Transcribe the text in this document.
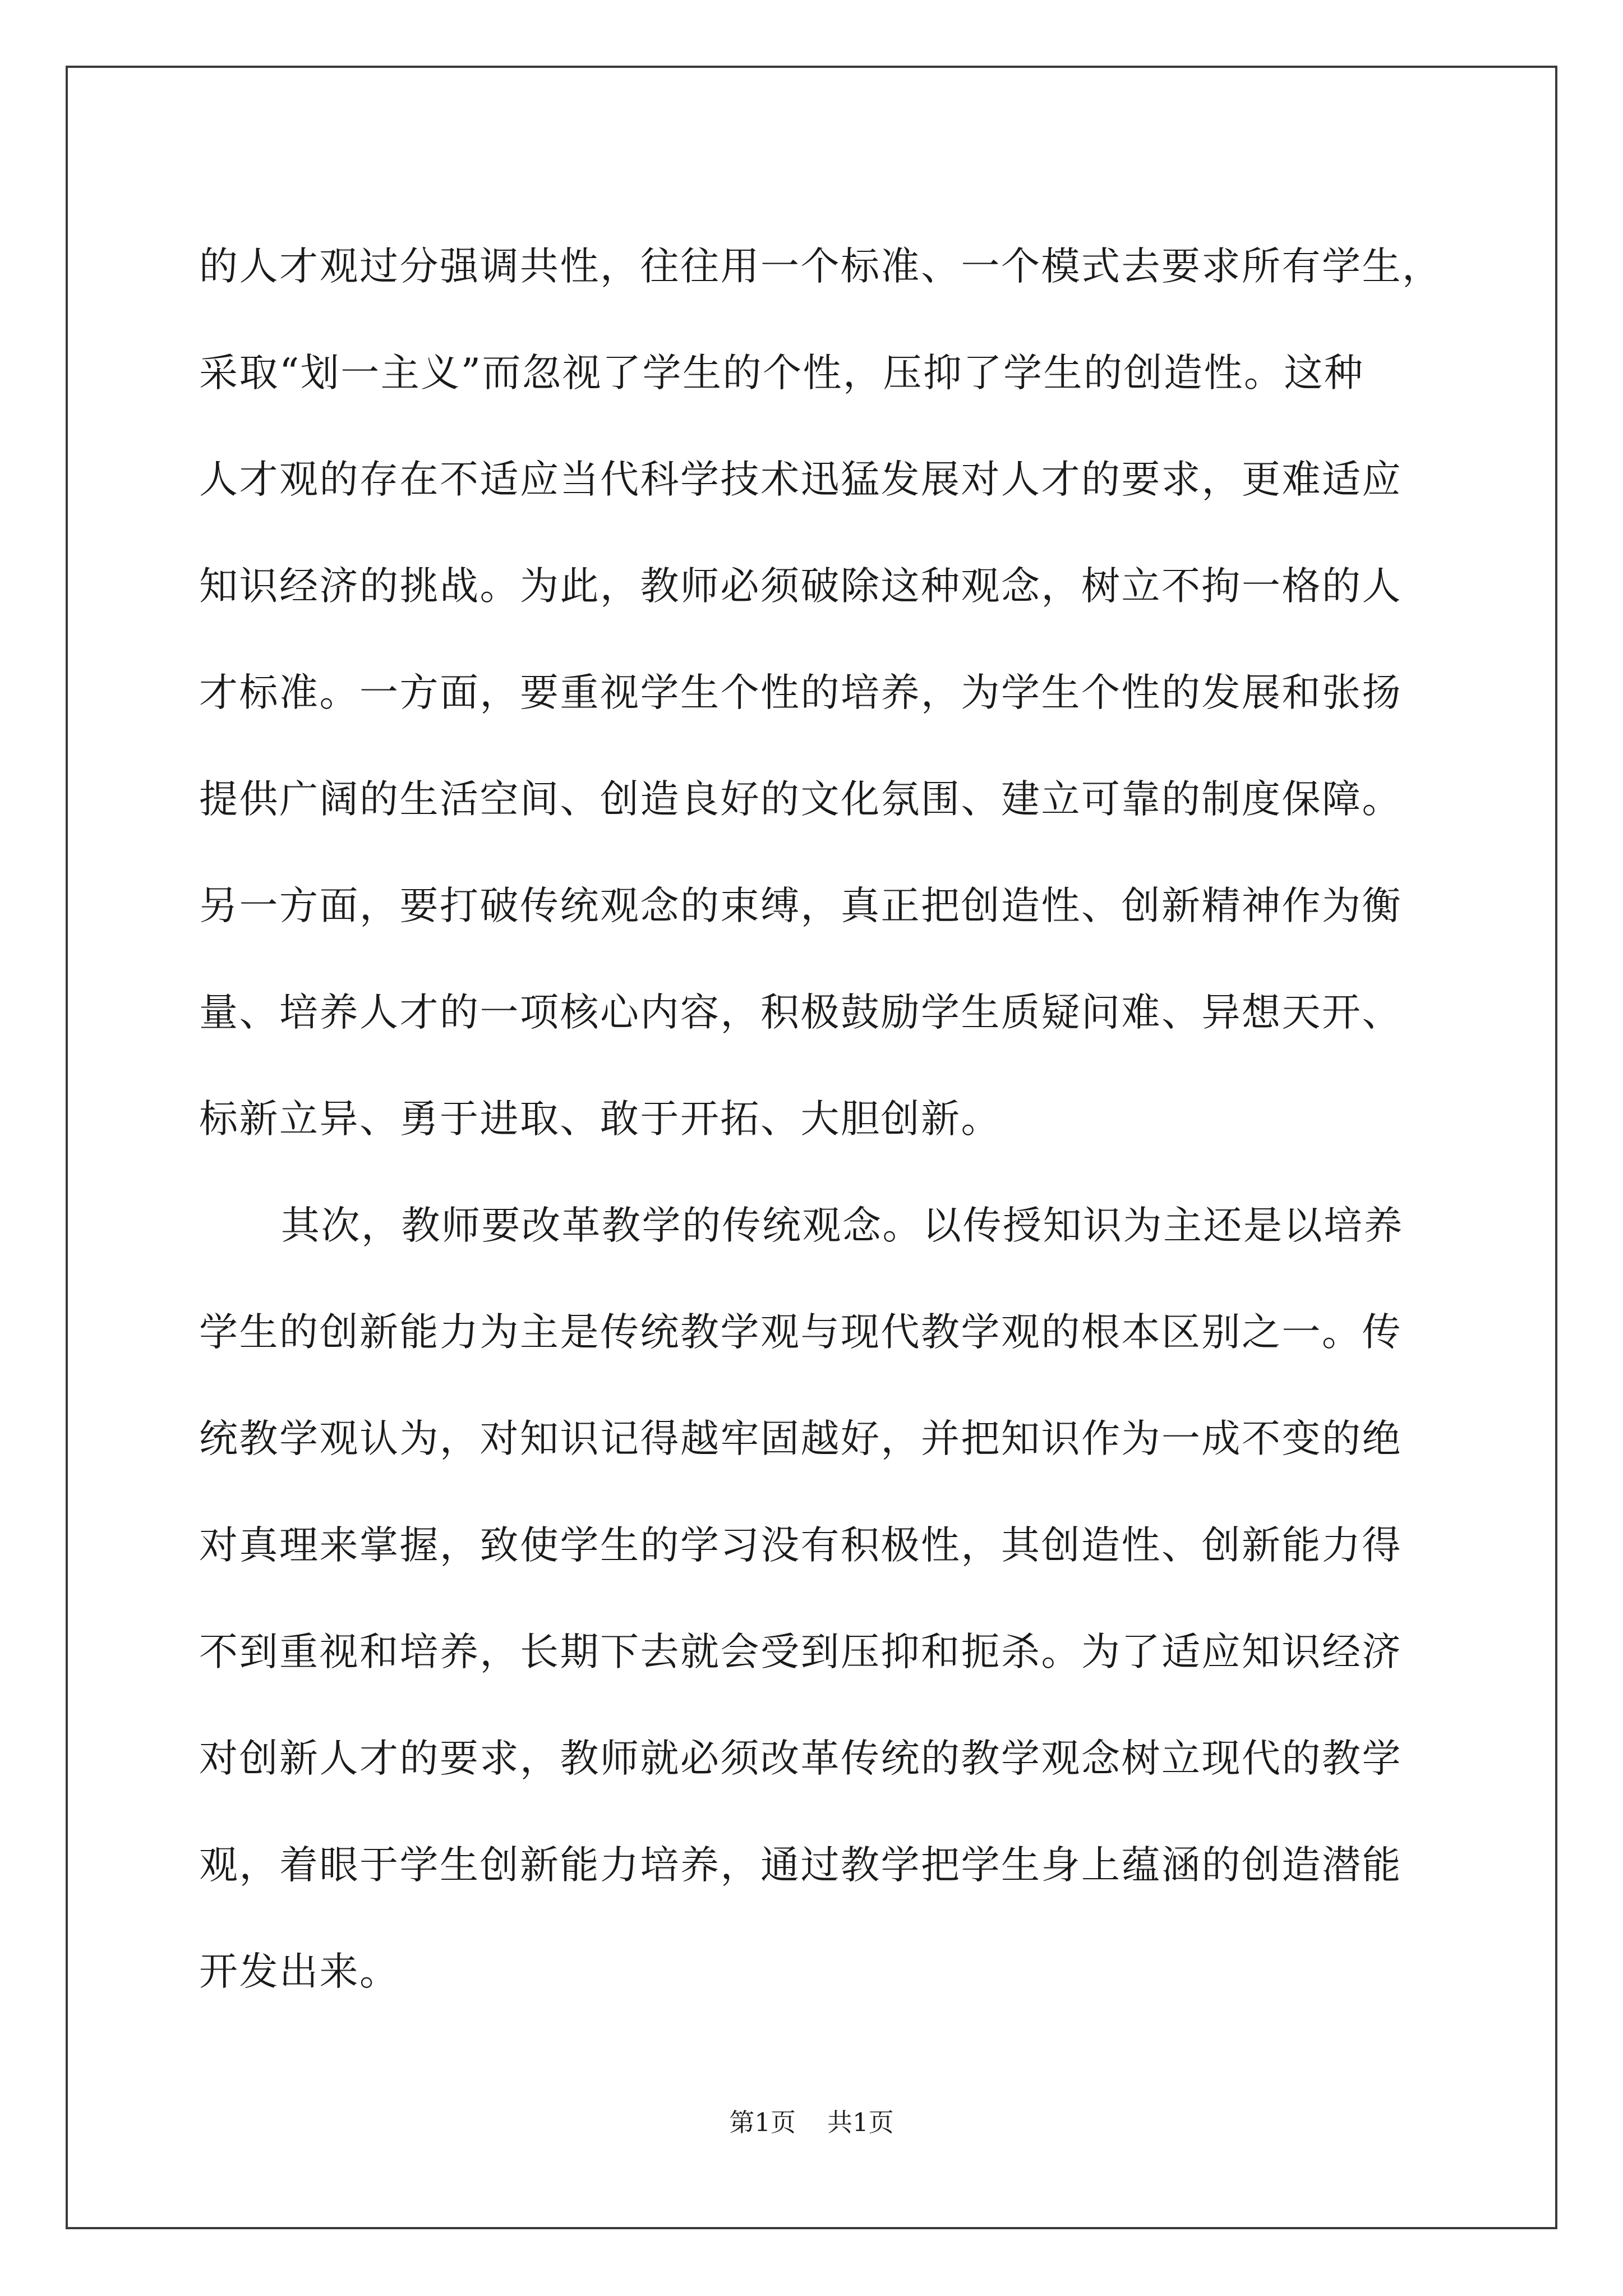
的人才观过分强调共性，往往用一个标准、一个模式去要求所有学生，
采取“划一主义”而忽视了学生的个性，压抑了学生的创造性。这种
人才观的存在不适应当代科学技术迅猛发展对人才的要求，更难适应
知识经济的挑战。为此，教师必须破除这种观念，树立不拘一格的人
才标准。一方面，要重视学生个性的培养，为学生个性的发展和张扬
提供广阔的生活空间、创造良好的文化氛围、建立可靠的制度保障。
另一方面，要打破传统观念的束缚，真正把创造性、创新精神作为衡
量、培养人才的一项核心内容，积极鼓励学生质疑问难、异想天开、
标新立异、勇于进取、敢于开拓、大胆创新。
其次，教师要改革教学的传统观念。以传授知识为主还是以培养
学生的创新能力为主是传统教学观与现代教学观的根本区别之一。传
统教学观认为，对知识记得越牢固越好，并把知识作为一成不变的绝
对真理来掌握，致使学生的学习没有积极性，其创造性、创新能力得
不到重视和培养，长期下去就会受到压抑和扼杀。为了适应知识经济
对创新人才的要求，教师就必须改革传统的教学观念树立现代的教学
观，着眼于学生创新能力培养，通过教学把学生身上蕴涵的创造潜能
开发出来。
第1页 共1页
